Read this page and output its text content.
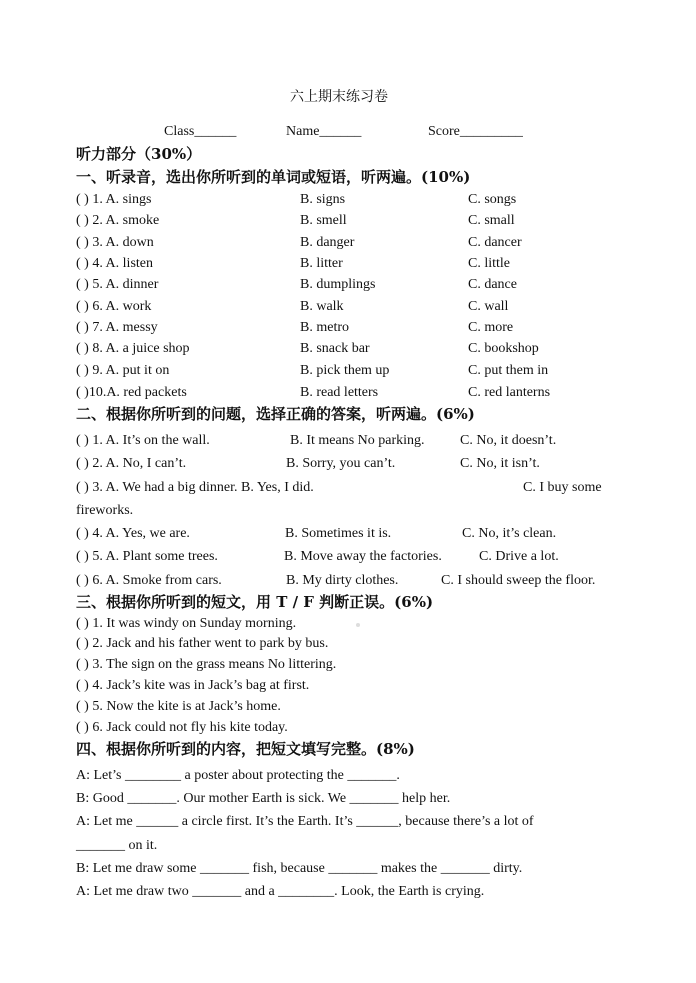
六上期末练习卷
Class______	Name______	Score_________
听力部分（30%）
一、听录音，选出你所听到的单词或短语，听两遍。(10%)
( ) 1. A. sings	B. signs	C. songs
( ) 2. A. smoke	B. smell	C. small
( ) 3. A. down	B. danger	C. dancer
( ) 4. A. listen	B. litter	C. little
( ) 5. A. dinner	B. dumplings	C. dance
( ) 6. A. work	B. walk	C. wall
( ) 7. A. messy	B. metro	C. more
( ) 8. A. a juice shop	B. snack bar	C. bookshop
( ) 9. A. put it on	B. pick them up	C. put them in
( )10.A. red packets	B. read letters	C. red lanterns
二、根据你所听到的问题，选择正确的答案，听两遍。(6%)
( ) 1. A. It’s on the wall.	B. It means No parking.	C. No, it doesn’t.
( ) 2. A. No, I can’t.	B. Sorry, you can’t.	C. No, it isn’t.
( ) 3. A. We had a big dinner. B. Yes, I did.	C. I buy some
fireworks.
( ) 4. A. Yes, we are.	B. Sometimes it is.	C. No, it’s clean.
( ) 5. A. Plant some trees.	B. Move away the factories.	C. Drive a lot.
( ) 6. A. Smoke from cars.	B. My dirty clothes.	C. I should sweep the floor.
三、根据你所听到的短文，用 T / F 判断正误。(6%)
( ) 1. It was windy on Sunday morning.
( ) 2. Jack and his father went to park by bus.
( ) 3. The sign on the grass means No littering.
( ) 4. Jack’s kite was in Jack’s bag at first.
( ) 5. Now the kite is at Jack’s home.
( ) 6. Jack could not fly his kite today.
四、根据你所听到的内容，把短文填写完整。(8%)
A: Let’s ________ a poster about protecting the _______.
B: Good _______. Our mother Earth is sick. We _______ help her.
A: Let me ______ a circle first. It’s the Earth. It’s ______, because there’s a lot of
_______ on it.
B: Let me draw some _______ fish, because _______ makes the _______ dirty.
A: Let me draw two _______ and a ________. Look, the Earth is crying.
